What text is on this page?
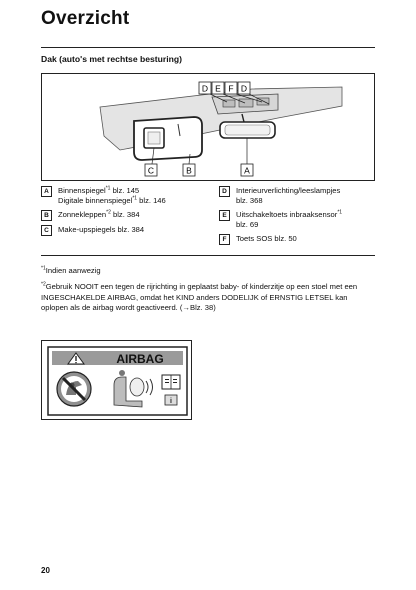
Overzicht
Dak (auto's met rechtse besturing)
C	B	A
D E F D
A	Binnenspiegel$^{*1}$ blz. 145
Digitale binnenspiegel$^{*1}$ blz. 146
B	Zonnekleppen$^{*2}$ blz. 384
C	Make-upspiegels blz. 384
D	Interieurverlichting/leeslampjes
blz. 368
E	Uitschakeltoets inbraaksensor$^{*1}$
blz. 69
F	Toets SOS blz. 50
$^{*1}$Indien aanwezig
$^{*2}$Gebruik NOOIT een tegen de rijrichting in geplaatst baby- of kinderzitje op een stoel met een INGESCHAKELDE AIRBAG, omdat het KIND anders DODELIJK of ERNSTIG LETSEL kan oplopen als de airbag wordt geactiveerd. (→Blz. 38)
AIRBAG
i
20
